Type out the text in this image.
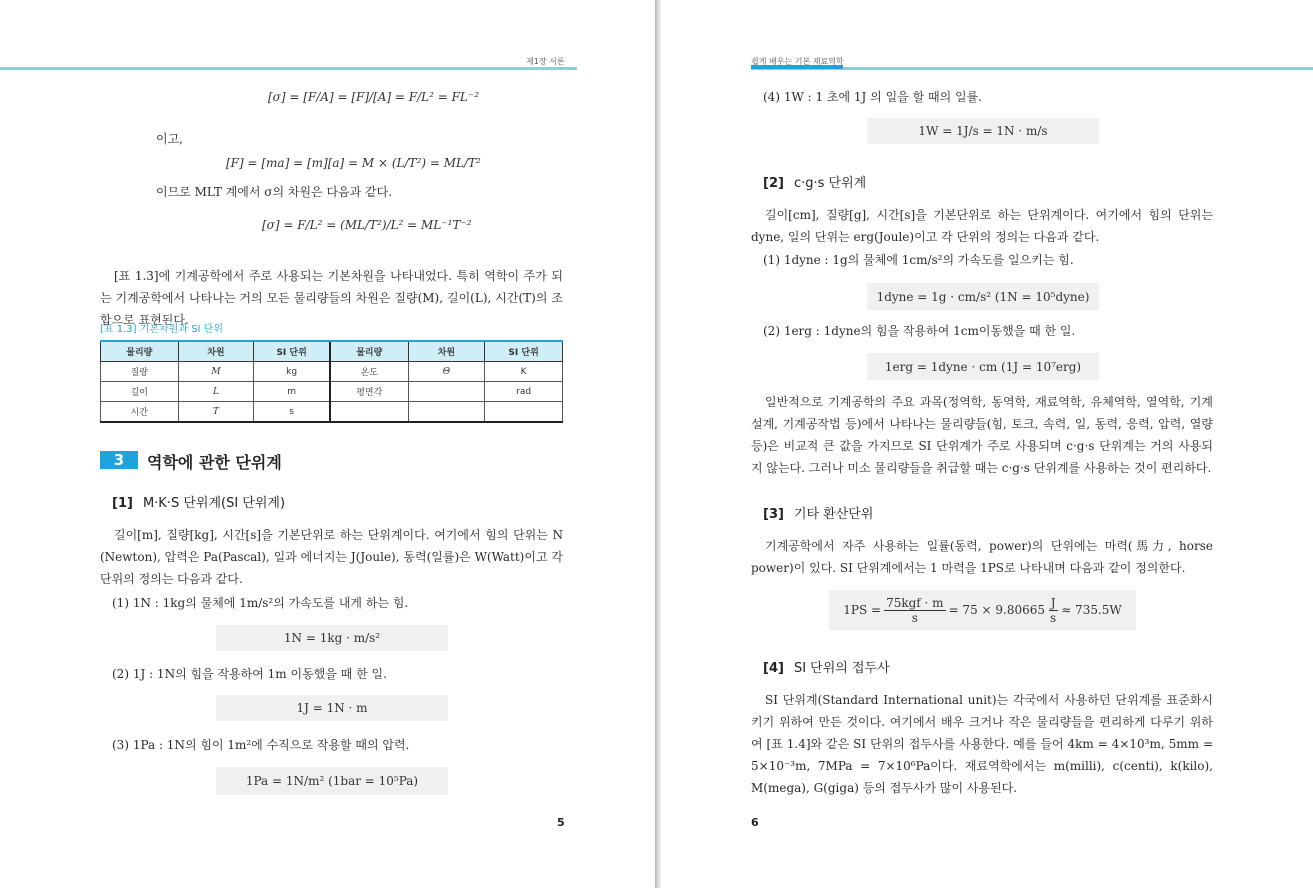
제1장 서론
[σ] = [F/A] = [F]/[A] = F/L² = FL⁻²
이고,
[F] = [ma] = [m][a] = M × (L/T²) = ML/T²
이므로 MLT 계에서 σ의 차원은 다음과 같다.
[σ] = F/L² = (ML/T²)/L² = ML⁻¹T⁻²
[표 1.3]에 기계공학에서 주로 사용되는 기본차원을 나타내었다. 특히 역학이 주가 되는 기계공학에서 나타나는 거의 모든 물리량들의 차원은 질량(M), 길이(L), 시간(T)의 조합으로 표현된다.
[표 1.3] 기본차원과 SI 단위
물리량	차원	SI 단위	물리량	차원	SI 단위
질량	M	kg	온도	Θ	K
길이	L	m	평면각		rad
시간	T	s			
3	역학에 관한 단위계
[1] M·K·S 단위계(SI 단위계)
길이[m], 질량[kg], 시간[s]을 기본단위로 하는 단위계이다. 여기에서 힘의 단위는 N (Newton), 압력은 Pa(Pascal), 일과 에너지는 J(Joule), 동력(일률)은 W(Watt)이고 각 단위의 정의는 다음과 같다.
(1) 1N : 1kg의 물체에 1m/s²의 가속도를 내게 하는 힘.
1N = 1kg · m/s²
(2) 1J : 1N의 힘을 작용하여 1m 이동했을 때 한 일.
1J = 1N · m
(3) 1Pa : 1N의 힘이 1m²에 수직으로 작용할 때의 압력.
1Pa = 1N/m² (1bar = 10⁵Pa)
5
쉽게 배우는 기본 재료역학
(4) 1W : 1 초에 1J 의 일을 할 때의 일률.
1W = 1J/s = 1N · m/s
[2] c·g·s 단위계
길이[cm], 질량[g], 시간[s]을 기본단위로 하는 단위계이다. 여기에서 힘의 단위는 dyne, 일의 단위는 erg(Joule)이고 각 단위의 정의는 다음과 같다.
(1) 1dyne : 1g의 물체에 1cm/s²의 가속도를 일으키는 힘.
1dyne = 1g · cm/s² (1N = 10⁵dyne)
(2) 1erg : 1dyne의 힘을 작용하여 1cm이동했을 때 한 일.
1erg = 1dyne · cm (1J = 10⁷erg)
일반적으로 기계공학의 주요 과목(정역학, 동역학, 재료역학, 유체역학, 열역학, 기계설계, 기계공작법 등)에서 나타나는 물리량들(힘, 토크, 속력, 일, 동력, 응력, 압력, 열량 등)은 비교적 큰 값을 가지므로 SI 단위계가 주로 사용되며 c·g·s 단위계는 거의 사용되지 않는다. 그러나 미소 물리량들을 취급할 때는 c·g·s 단위계를 사용하는 것이 편리하다.
[3] 기타 환산단위
기계공학에서 자주 사용하는 일률(동력, power)의 단위에는 마력(馬力, horse power)이 있다. SI 단위계에서는 1 마력을 1PS로 나타내며 다음과 같이 정의한다.
$1PS = \frac{\text{75kgf · m}}{s} = 75 \times 9.80665 \frac{J}{s} \approx 735.5W$
[4] SI 단위의 접두사
SI 단위계(Standard International unit)는 각국에서 사용하던 단위계를 표준화시키기 위하여 만든 것이다. 여기에서 배우 크거나 작은 물리량들을 편리하게 다루기 위하여 [표 1.4]와 같은 SI 단위의 접두사를 사용한다. 예를 들어 4km = 4×10³m, 5mm = 5×10⁻³m, 7MPa = 7×10⁶Pa이다. 재료역학에서는 m(milli), c(centi), k(kilo), M(mega), G(giga) 등의 접두사가 많이 사용된다.
6
